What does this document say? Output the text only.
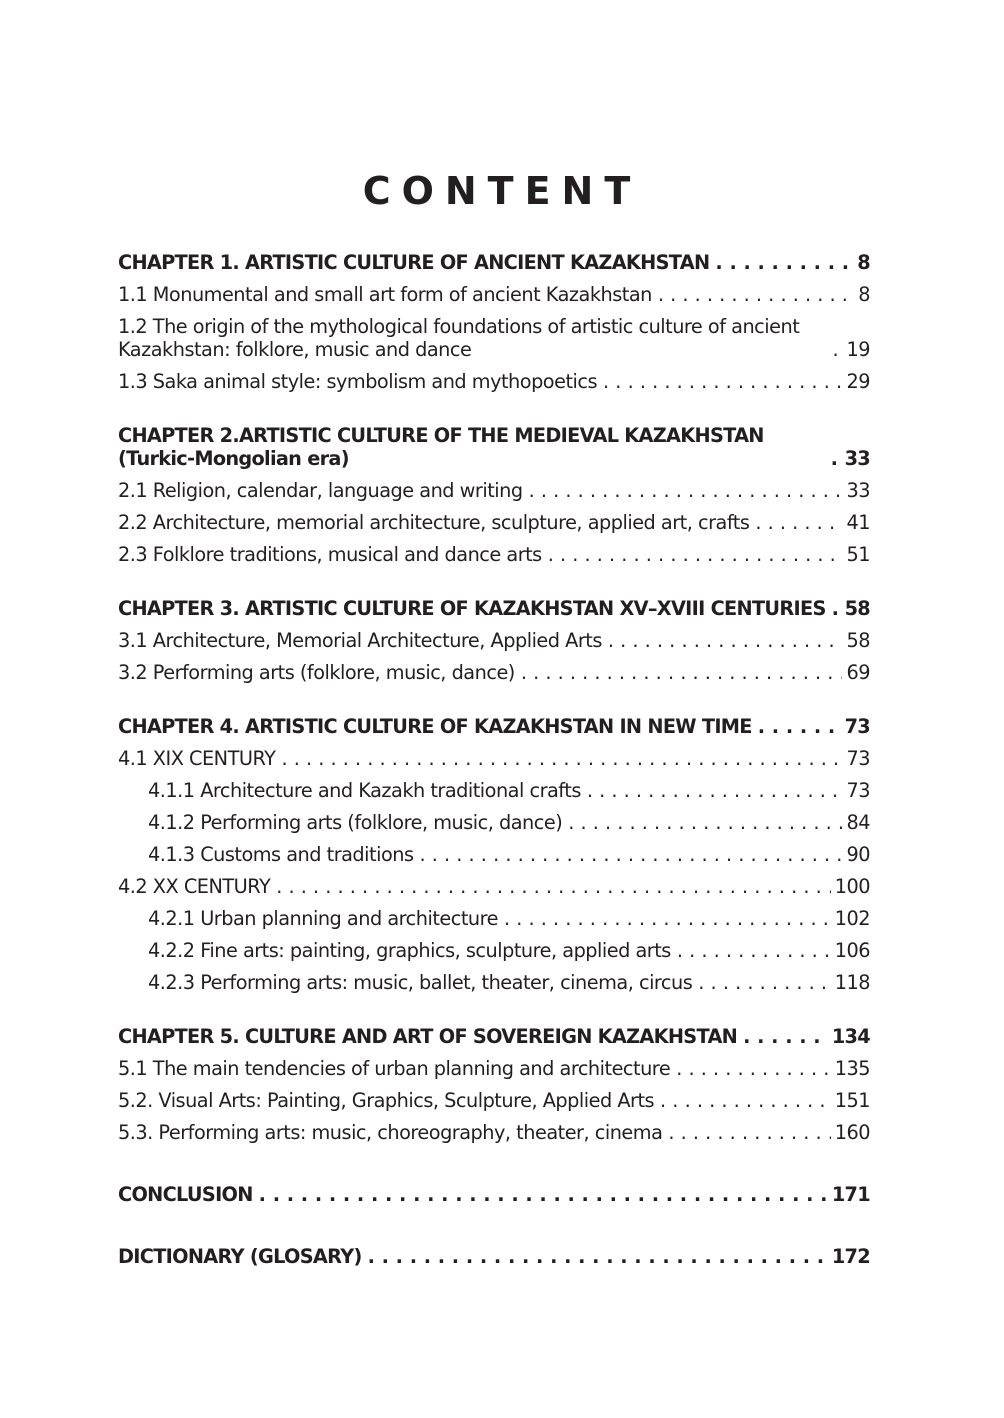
CONTENT
CHAPTER 1. ARTISTIC CULTURE OF ANCIENT KAZAKHSTAN . . .	8
1.1 Monumental and small art form of ancient Kazakhstan . . .	8
1.2 The origin of the mythological foundations of artistic culture of ancient Kazakhstan: folklore, music and dance . . .	19
1.3 Saka animal style: symbolism and mythopoetics . . .	29
CHAPTER 2.ARTISTIC CULTURE OF THE MEDIEVAL KAZAKHSTAN (Turkic-Mongolian era) . . .	33
2.1 Religion, calendar, language and writing . . .	33
2.2 Architecture, memorial architecture, sculpture, applied art, crafts . . .	41
2.3 Folklore traditions, musical and dance arts . . .	51
CHAPTER 3. ARTISTIC CULTURE OF KAZAKHSTAN XV–XVIII CENTURIES . . . 58
3.1 Architecture, Memorial Architecture, Applied Arts . . .	58
3.2 Performing arts (folklore, music, dance) . . .	69
CHAPTER 4. ARTISTIC CULTURE OF KAZAKHSTAN IN NEW TIME . . .	73
4.1 XIX CENTURY . . .	73
4.1.1 Architecture and Kazakh traditional crafts . . .	73
4.1.2 Performing arts (folklore, music, dance) . . .	84
4.1.3 Customs and traditions . . .	90
4.2 XX CENTURY . . .	100
4.2.1 Urban planning and architecture . . .	102
4.2.2 Fine arts: painting, graphics, sculpture, applied arts . . .	106
4.2.3 Performing arts: music, ballet, theater, cinema, circus . . .	118
CHAPTER 5. CULTURE AND ART OF SOVEREIGN KAZAKHSTAN . . .	134
5.1 The main tendencies of urban planning and architecture . . .	135
5.2. Visual Arts: Painting, Graphics, Sculpture, Applied Arts . . .	151
5.3. Performing arts: music, choreography, theater, cinema . . .	160
CONCLUSION . . .	171
DICTIONARY (GLOSARY) . . .	172
